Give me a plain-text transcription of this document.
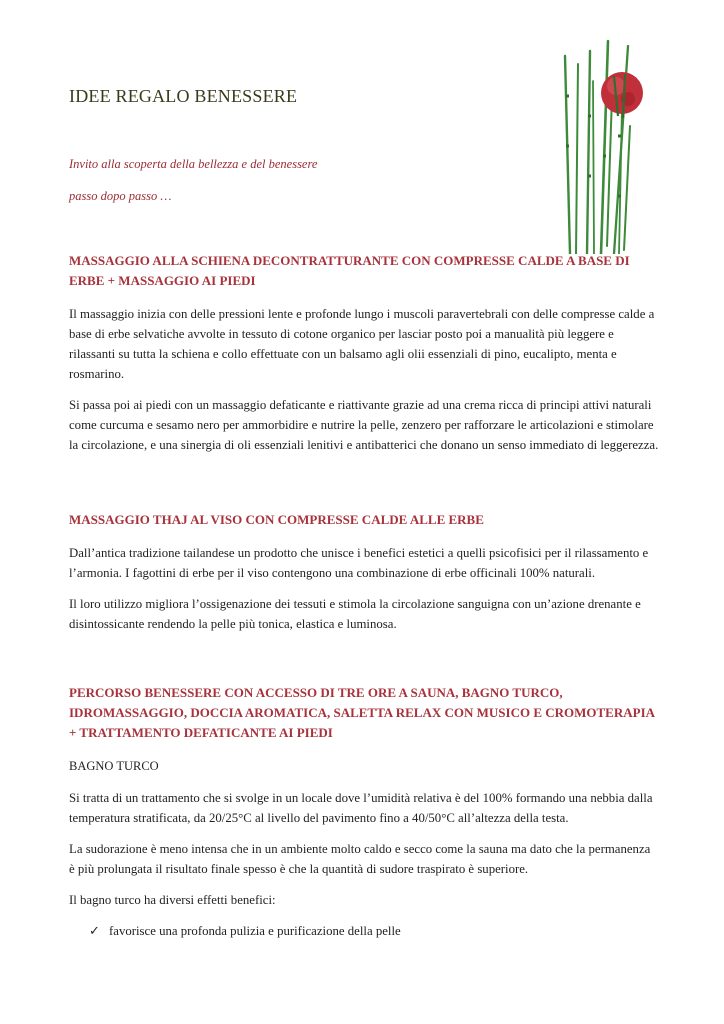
IDEE REGALO BENESSERE

Invito alla scoperta della bellezza e del benessere

passo dopo passo …

MASSAGGIO ALLA SCHIENA DECONTRATTURANTE CON COMPRESSE CALDE A BASE DI ERBE + MASSAGGIO AI PIEDI

Il massaggio inizia con delle pressioni lente e profonde lungo i muscoli paravertebrali con delle compresse calde a base di erbe selvatiche avvolte in tessuto di cotone organico per lasciar posto poi a manualità più leggere e rilassanti su tutta la schiena e collo effettuate con un balsamo agli olii essenziali di pino, eucalipto, menta e rosmarino.

Si passa poi ai piedi con un massaggio defaticante e riattivante grazie ad una crema ricca di principi attivi naturali come curcuma e sesamo nero per ammorbidire e nutrire la pelle, zenzero per rafforzare le articolazioni e stimolare la circolazione, e una sinergia di oli essenziali lenitivi e antibatterici che donano un senso immediato di leggerezza.

MASSAGGIO THAJ AL VISO CON COMPRESSE CALDE ALLE ERBE

Dall’antica tradizione tailandese un prodotto che unisce i benefici estetici a quelli psicofisici per il rilassamento e l’armonia. I fagottini di erbe per il viso contengono una combinazione di erbe officinali 100% naturali.

Il loro utilizzo migliora l’ossigenazione dei tessuti e stimola la circolazione sanguigna con un’azione drenante e disintossicante rendendo la pelle più tonica, elastica e luminosa.

PERCORSO BENESSERE CON ACCESSO DI TRE ORE A SAUNA, BAGNO TURCO, IDROMASSAGGIO, DOCCIA AROMATICA, SALETTA RELAX CON MUSICO E CROMOTERAPIA + TRATTAMENTO DEFATICANTE AI PIEDI

BAGNO TURCO

Si tratta di un trattamento che si svolge in un locale dove l’umidità relativa è del 100% formando una nebbia dalla temperatura stratificata, da 20/25°C al livello del pavimento fino a 40/50°C all’altezza della testa.

La sudorazione è meno intensa che in un ambiente molto caldo e secco come la sauna ma dato che la permanenza è più prolungata il risultato finale spesso è che la quantità di sudore traspirato è superiore.

Il bagno turco ha diversi effetti benefici:

✓ favorisce una profonda pulizia e purificazione della pelle
